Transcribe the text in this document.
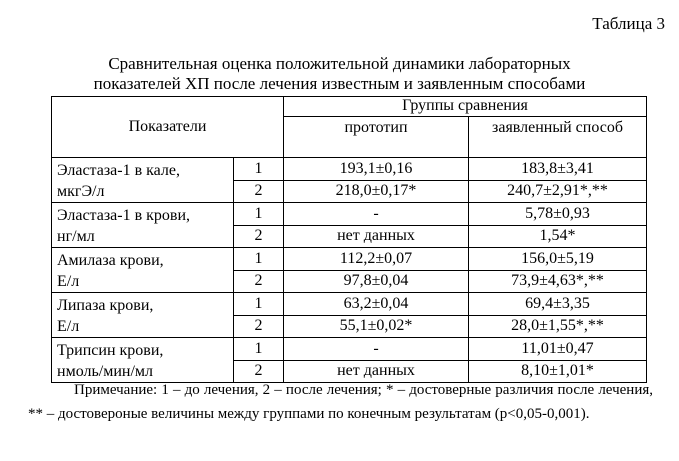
Таблица 3
Сравнительная оценка положительной динамики лабораторных
показателей ХП после лечения известным и заявленным способами
Показатели		Группы сравнения	
		прототип	заявленный способ

Эластаза-1 в кале,
мкгЭ/л	1	193,1±0,16	183,8±3,41
	2	218,0±0,17*	240,7±2,91*,**

Эластаза-1 в крови,
нг/мл	1	-	5,78±0,93
	2	нет данных	1,54*

Амилаза крови,
Е/л	1	112,2±0,07	156,0±5,19
	2	97,8±0,04	73,9±4,63*,**

Липаза крови,
Е/л	1	63,2±0,04	69,4±3,35
	2	55,1±0,02*	28,0±1,55*,**

Трипсин крови,
нмоль/мин/мл	1	-	11,01±0,47
	2	нет данных	8,10±1,01*
Примечание: 1 – до лечения, 2 – после лечения; * – достоверные различия после лечения, ** – достовероные величины между группами по конечным результатам (p<0,05-0,001).
